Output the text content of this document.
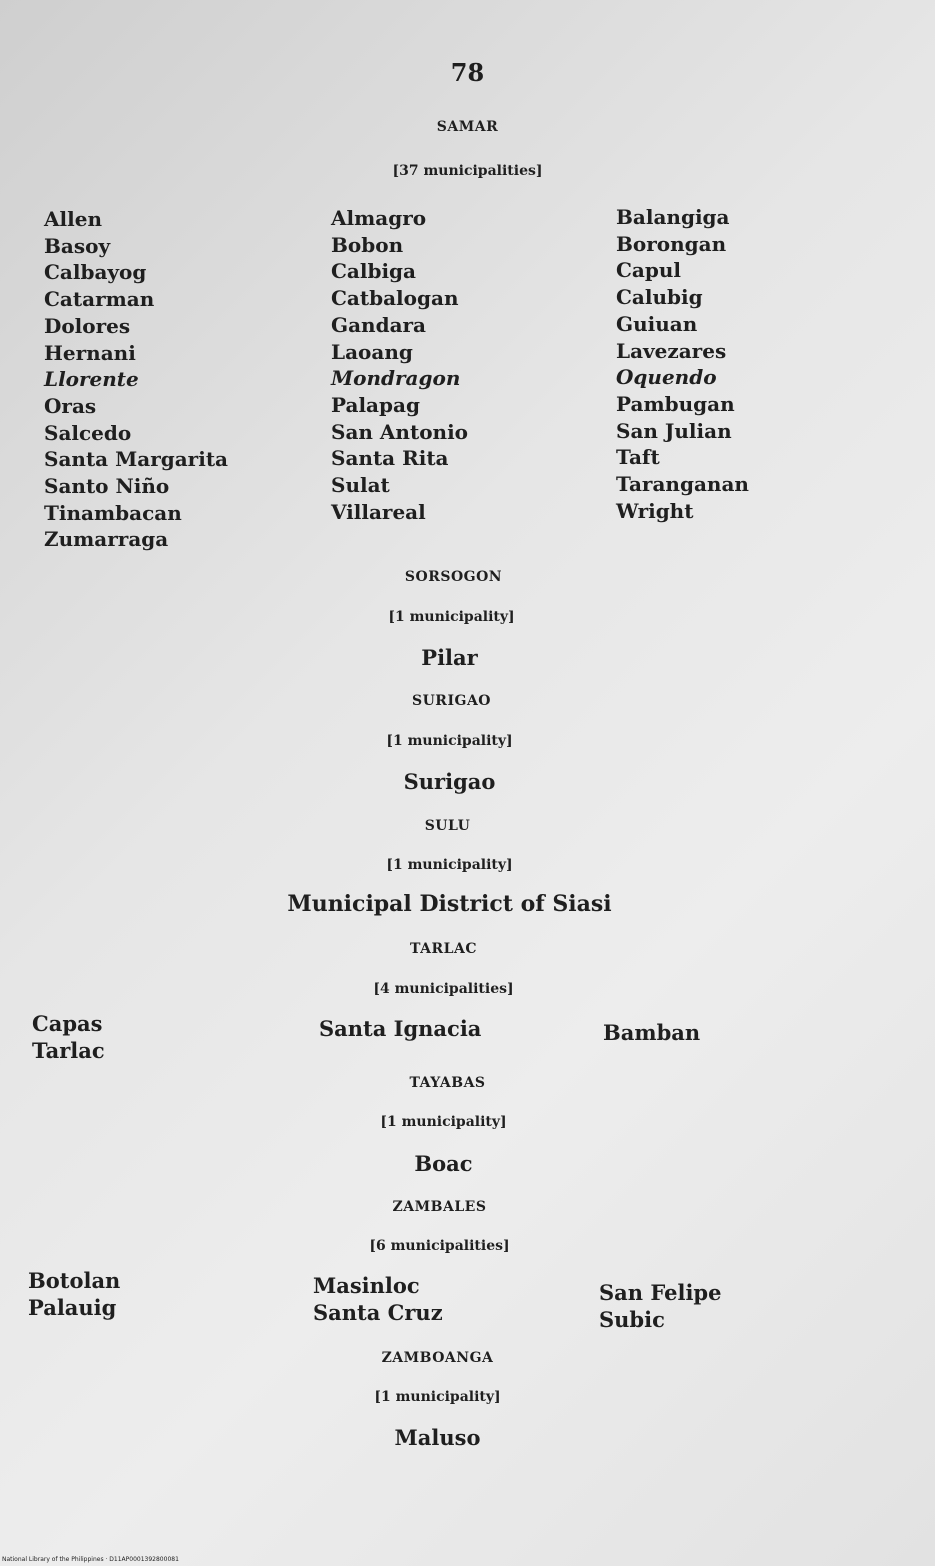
78
SAMAR
[37 municipalities]
Allen
Basoy
Calbayog
Catarman
Dolores
Hernani
Llorente
Oras
Salcedo
Santa Margarita
Santo Niño
Tinambacan
Zumarraga
Almagro
Bobon
Calbiga
Catbalogan
Gandara
Laoang
Mondragon
Palapag
San Antonio
Santa Rita
Sulat
Villareal
Balangiga
Borongan
Capul
Calubig
Guiuan
Lavezares
Oquendo
Pambugan
San Julian
Taft
Taranganan
Wright
SORSOGON
[1 municipality]
Pilar
SURIGAO
[1 municipality]
Surigao
SULU
[1 municipality]
Municipal District of Siasi
TARLAC
[4 municipalities]
Capas
Tarlac
Santa Ignacia	Bamban
TAYABAS
[1 municipality]
Boac
ZAMBALES
[6 municipalities]
Botolan
Palauig
Masinloc
Santa Cruz
San Felipe
Subic
ZAMBOANGA
[1 municipality]
Maluso
National Library of the Philippines · D11AP0001392800081
